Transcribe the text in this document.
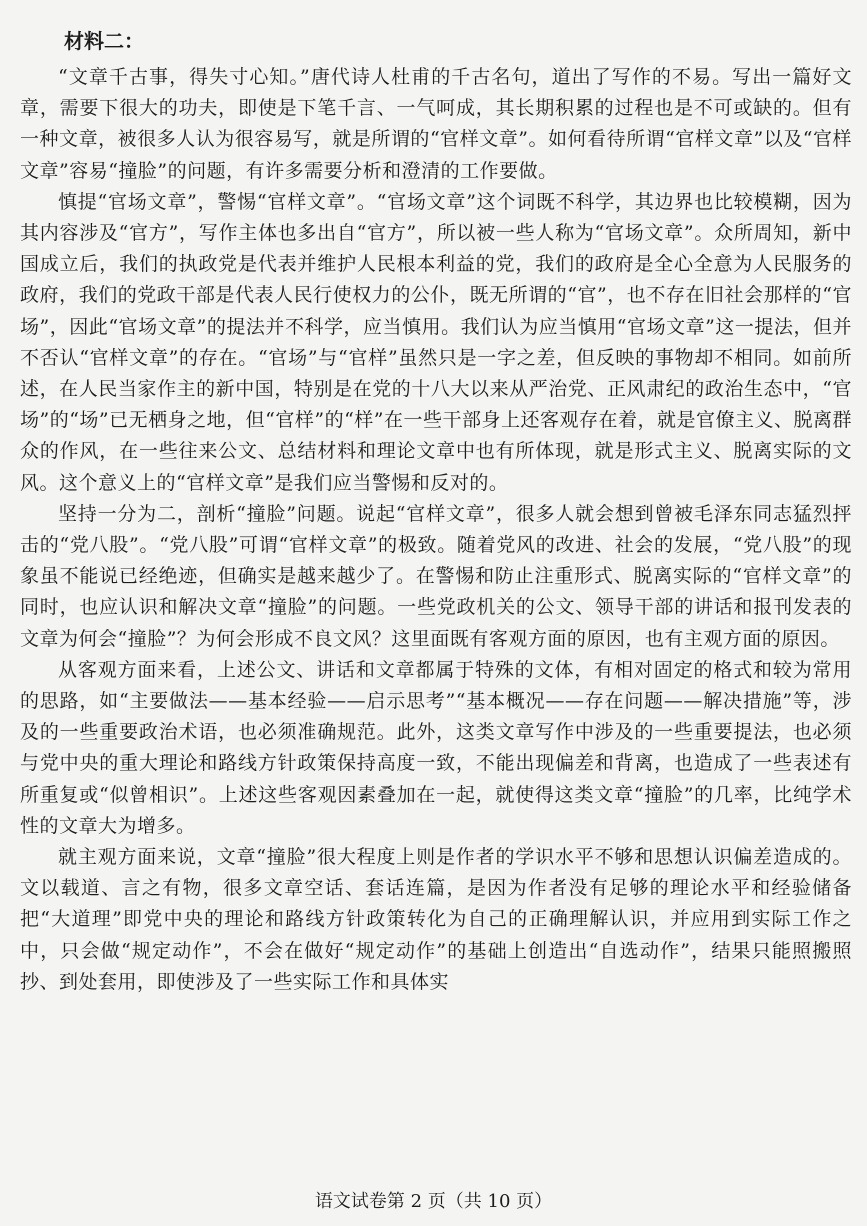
材料二：

“文章千古事，得失寸心知。”唐代诗人杜甫的千古名句，道出了写作的不易。写出一篇好文章，需要下很大的功夫，即使是下笔千言、一气呵成，其长期积累的过程也是不可或缺的。但有一种文章，被很多人认为很容易写，就是所谓的“官样文章”。如何看待所谓“官样文章”以及“官样文章”容易“撞脸”的问题，有许多需要分析和澄清的工作要做。

慎提“官场文章”，警惕“官样文章”。“官场文章”这个词既不科学，其边界也比较模糊，因为其内容涉及“官方”，写作主体也多出自“官方”，所以被一些人称为“官场文章”。众所周知，新中国成立后，我们的执政党是代表并维护人民根本利益的党，我们的政府是全心全意为人民服务的政府，我们的党政干部是代表人民行使权力的公仆，既无所谓的“官”，也不存在旧社会那样的“官场”，因此“官场文章”的提法并不科学，应当慎用。我们认为应当慎用“官场文章”这一提法，但并不否认“官样文章”的存在。“官场”与“官样”虽然只是一字之差，但反映的事物却不相同。如前所述，在人民当家作主的新中国，特别是在党的十八大以来从严治党、正风肃纪的政治生态中，“官场”的“场”已无栖身之地，但“官样”的“样”在一些干部身上还客观存在着，就是官僚主义、脱离群众的作风，在一些往来公文、总结材料和理论文章中也有所体现，就是形式主义、脱离实际的文风。这个意义上的“官样文章”是我们应当警惕和反对的。

坚持一分为二，剖析“撞脸”问题。说起“官样文章”，很多人就会想到曾被毛泽东同志猛烈抨击的“党八股”。“党八股”可谓“官样文章”的极致。随着党风的改进、社会的发展，“党八股”的现象虽不能说已经绝迹，但确实是越来越少了。在警惕和防止注重形式、脱离实际的“官样文章”的同时，也应认识和解决文章“撞脸”的问题。一些党政机关的公文、领导干部的讲话和报刊发表的文章为何会“撞脸”？为何会形成不良文风？这里面既有客观方面的原因，也有主观方面的原因。

从客观方面来看，上述公文、讲话和文章都属于特殊的文体，有相对固定的格式和较为常用的思路，如“主要做法——基本经验——启示思考”“基本概况——存在问题——解决措施”等，涉及的一些重要政治术语，也必须准确规范。此外，这类文章写作中涉及的一些重要提法，也必须与党中央的重大理论和路线方针政策保持高度一致，不能出现偏差和背离，也造成了一些表述有所重复或“似曾相识”。上述这些客观因素叠加在一起，就使得这类文章“撞脸”的几率，比纯学术性的文章大为增多。

就主观方面来说，文章“撞脸”很大程度上则是作者的学识水平不够和思想认识偏差造成的。文以载道、言之有物，很多文章空话、套话连篇，是因为作者没有足够的理论水平和经验储备把“大道理”即党中央的理论和路线方针政策转化为自己的正确理解认识，并应用到实际工作之中，只会做“规定动作”，不会在做好“规定动作”的基础上创造出“自选动作”，结果只能照搬照抄、到处套用，即使涉及了一些实际工作和具体实

语文试卷第 2 页（共 10 页）
